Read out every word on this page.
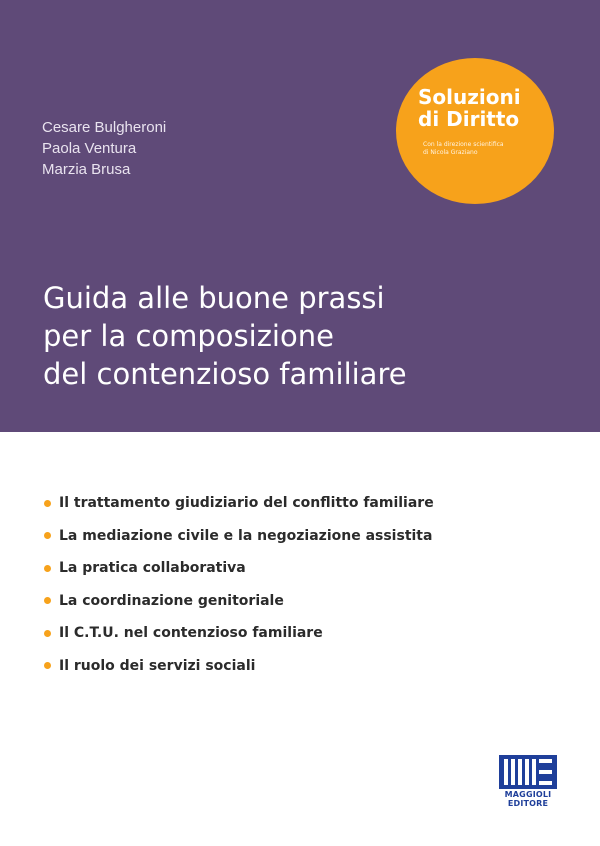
Cesare Bulgheroni
Paola Ventura
Marzia Brusa
Soluzioni
di Diritto
Con la direzione scientifica
di Nicola Graziano
Guida alle buone prassi
per la composizione
del contenzioso familiare
Il trattamento giudiziario del conflitto familiare
La mediazione civile e la negoziazione assistita
La pratica collaborativa
La coordinazione genitoriale
Il C.T.U. nel contenzioso familiare
Il ruolo dei servizi sociali
MAGGIOLI
EDITORE
